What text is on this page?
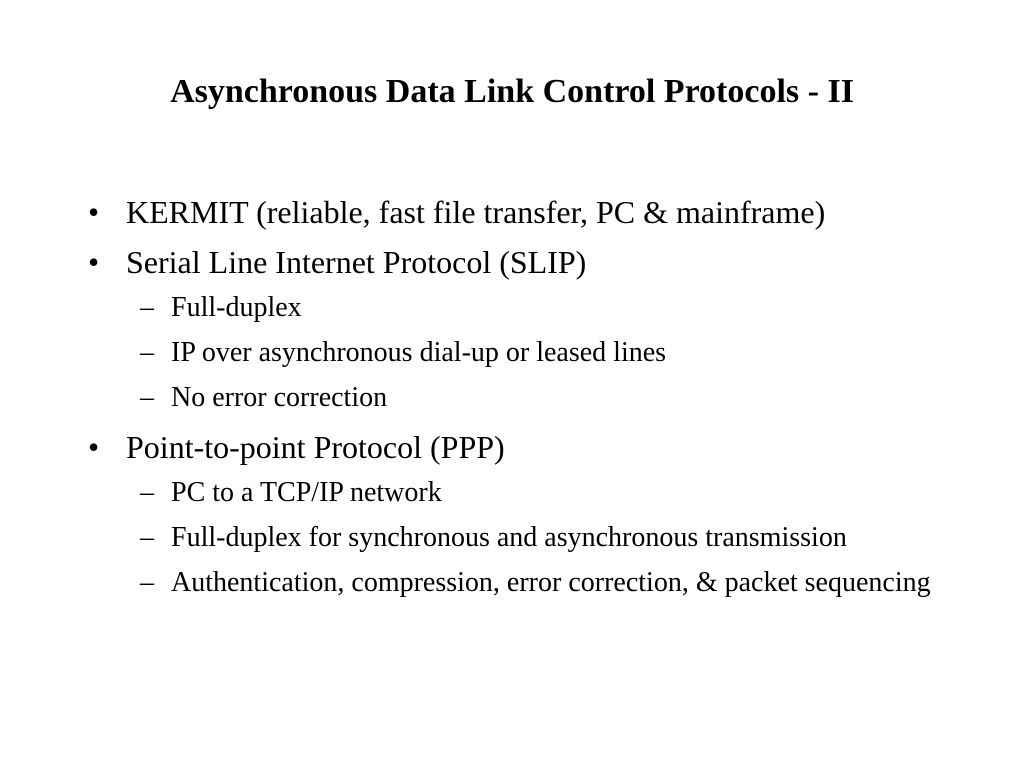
Asynchronous Data Link Control Protocols - II
• KERMIT (reliable, fast file transfer, PC & mainframe)
• Serial Line Internet Protocol (SLIP)
– Full-duplex
– IP over asynchronous dial-up or leased lines
– No error correction
• Point-to-point Protocol (PPP)
– PC to a TCP/IP network
– Full-duplex for synchronous and asynchronous transmission
– Authentication, compression, error correction, & packet sequencing
